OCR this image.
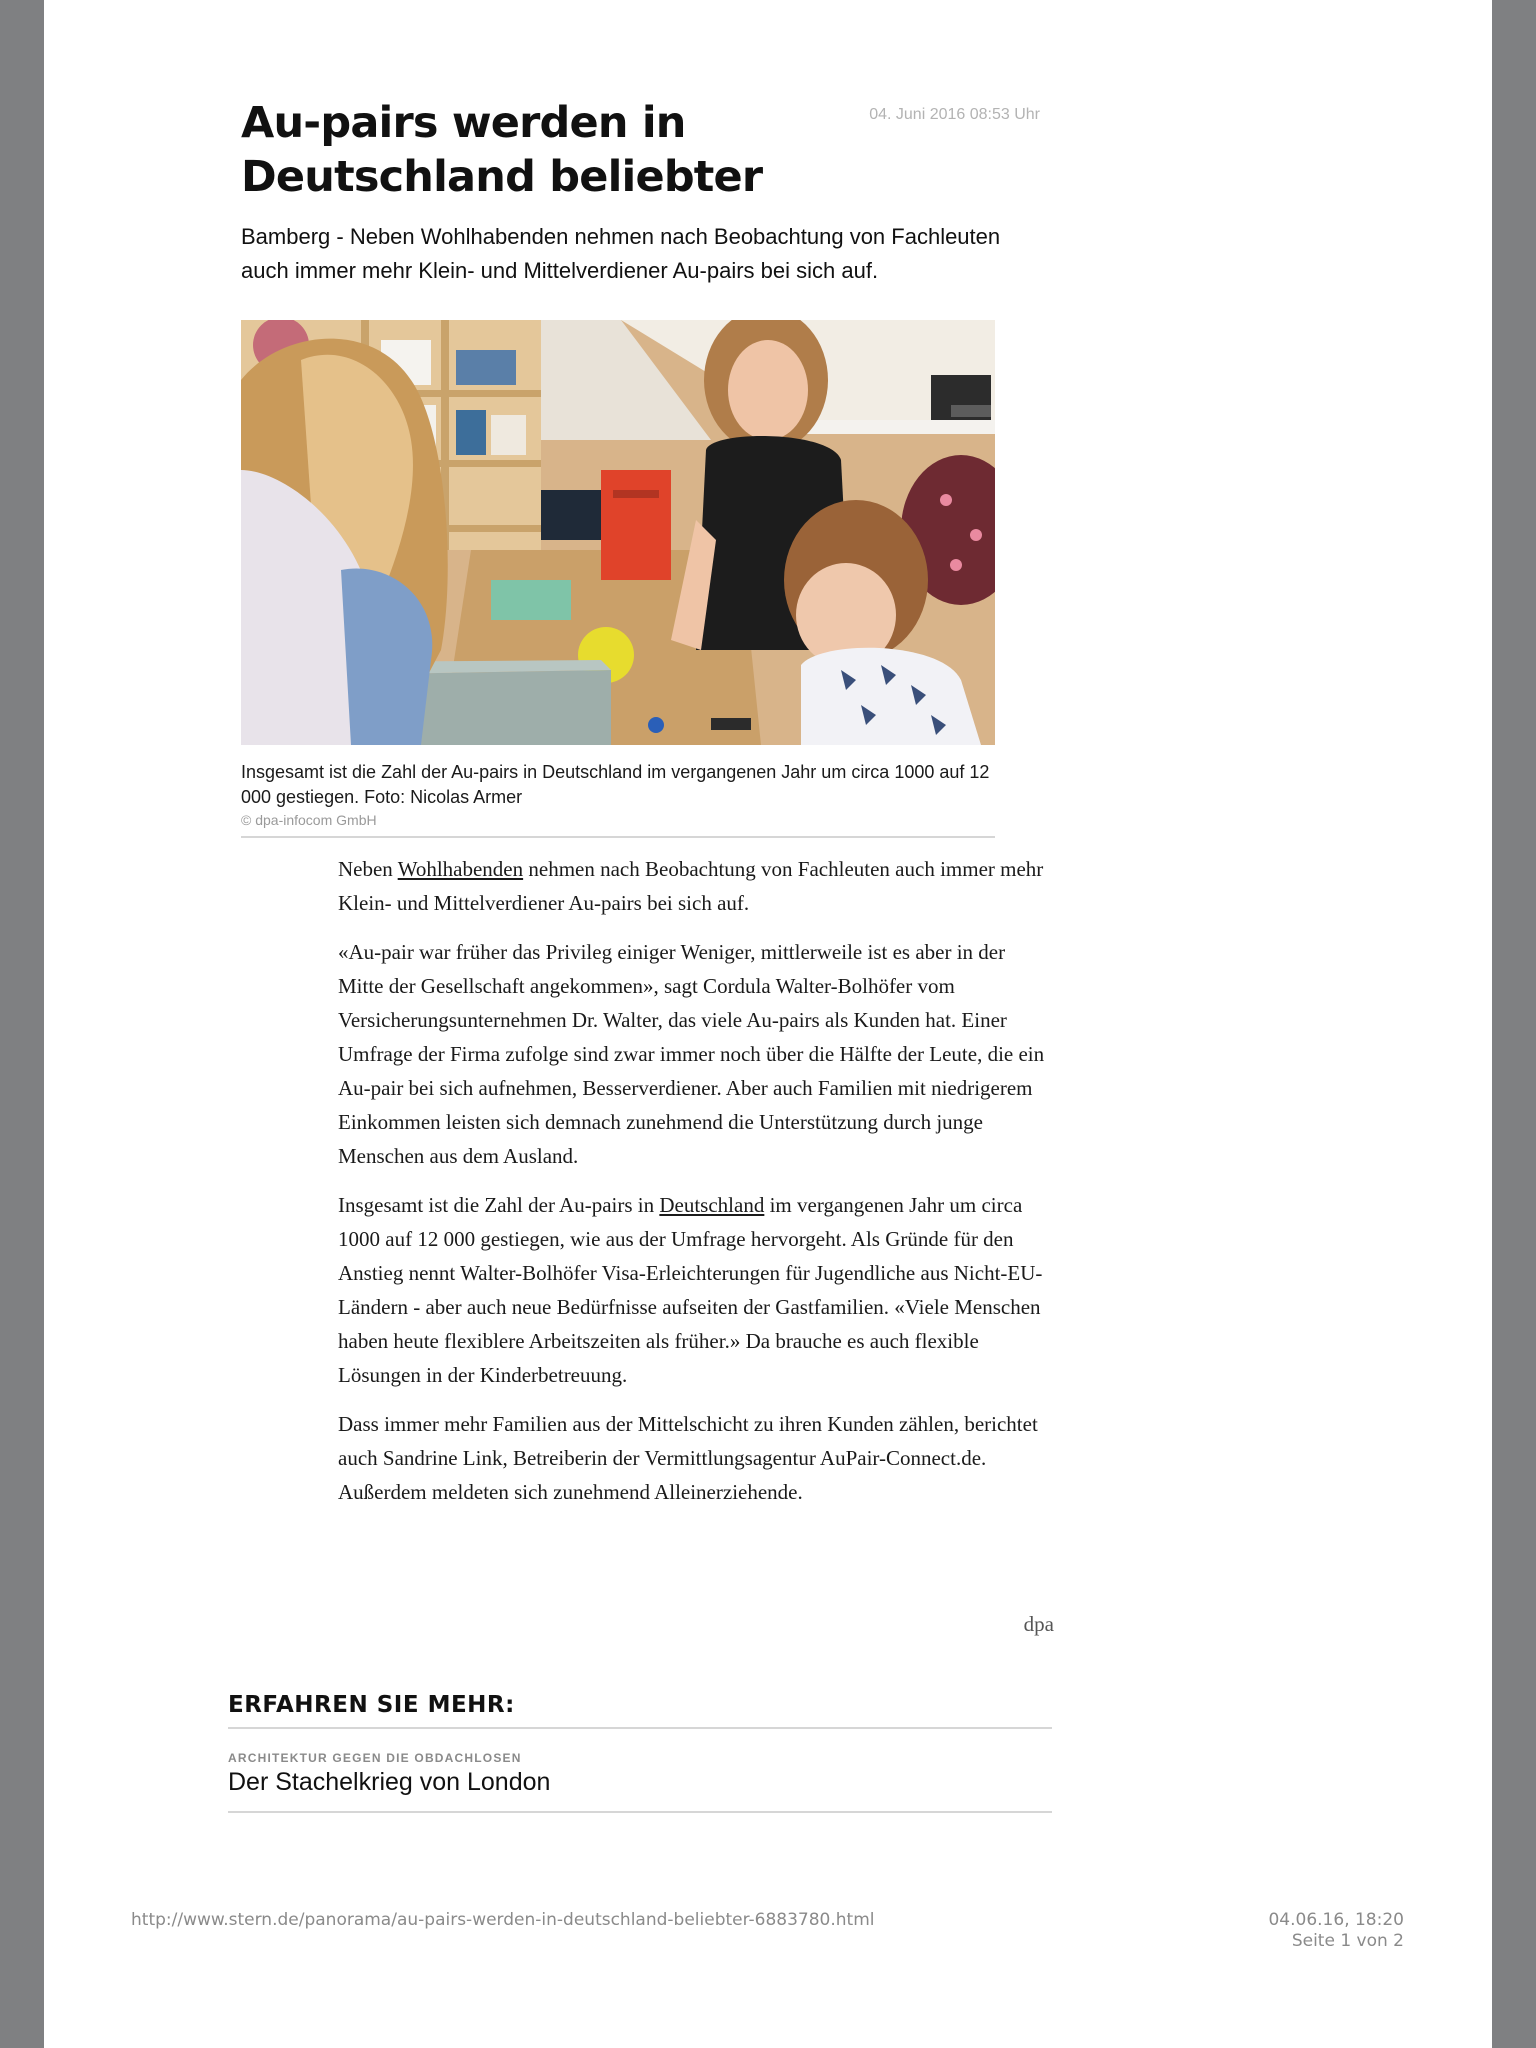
Au-pairs werden in
Deutschland beliebter
04. Juni 2016 08:53 Uhr

Bamberg - Neben Wohlhabenden nehmen nach Beobachtung von Fachleuten auch immer mehr Klein- und Mittelverdiener Au-pairs bei sich auf.

Insgesamt ist die Zahl der Au-pairs in Deutschland im vergangenen Jahr um circa 1000 auf 12 000 gestiegen. Foto: Nicolas Armer

© dpa-infocom GmbH

Neben Wohlhabenden nehmen nach Beobachtung von Fachleuten auch immer mehr Klein- und Mittelverdiener Au-pairs bei sich auf.

«Au-pair war früher das Privileg einiger Weniger, mittlerweile ist es aber in der Mitte der Gesellschaft angekommen», sagt Cordula Walter-Bolhöfer vom Versicherungsunternehmen Dr. Walter, das viele Au-pairs als Kunden hat. Einer Umfrage der Firma zufolge sind zwar immer noch über die Hälfte der Leute, die ein Au-pair bei sich aufnehmen, Besserverdiener. Aber auch Familien mit niedrigerem Einkommen leisten sich demnach zunehmend die Unterstützung durch junge Menschen aus dem Ausland.

Insgesamt ist die Zahl der Au-pairs in Deutschland im vergangenen Jahr um circa 1000 auf 12 000 gestiegen, wie aus der Umfrage hervorgeht. Als Gründe für den Anstieg nennt Walter-Bolhöfer Visa-Erleichterungen für Jugendliche aus Nicht-EU-Ländern - aber auch neue Bedürfnisse aufseiten der Gastfamilien. «Viele Menschen haben heute flexiblere Arbeitszeiten als früher.» Da brauche es auch flexible Lösungen in der Kinderbetreuung.

Dass immer mehr Familien aus der Mittelschicht zu ihren Kunden zählen, berichtet auch Sandrine Link, Betreiberin der Vermittlungsagentur AuPair-Connect.de. Außerdem meldeten sich zunehmend Alleinerziehende.

dpa
ERFAHREN SIE MEHR:
ARCHITEKTUR GEGEN DIE OBDACHLOSEN
Der Stachelkrieg von London
http://www.stern.de/panorama/au-pairs-werden-in-deutschland-beliebter-6883780.html	04.06.16, 18:20
Seite 1 von 2
